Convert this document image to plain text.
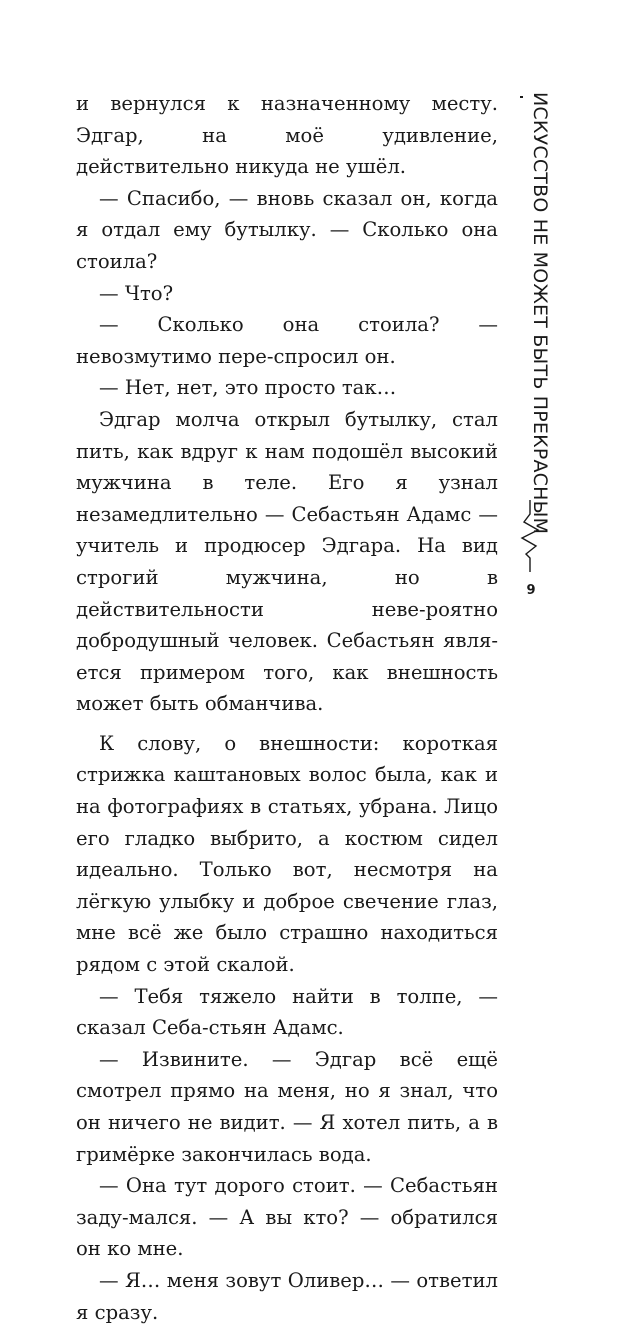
и вернулся к назначенному месту. Эдгар, на моё удивление, действительно никуда не ушёл.

— Спасибо, — вновь сказал он, когда я отдал ему бутылку. — Сколько она стоила?

— Что?

— Сколько она стоила? — невозмутимо пере-спросил он.

— Нет, нет, это просто так…

Эдгар молча открыл бутылку, стал пить, как вдруг к нам подошёл высокий мужчина в теле. Его я узнал незамедлительно — Себастьян Адамс — учитель и продюсер Эдгара. На вид строгий мужчина, но в действительности неве-роятно добродушный человек. Себастьян явля-ется примером того, как внешность может быть обманчива.

К слову, о внешности: короткая стрижка каштановых волос была, как и на фотографиях в статьях, убрана. Лицо его гладко выбрито, а костюм сидел идеально. Только вот, несмотря на лёгкую улыбку и доброе свечение глаз, мне всё же было страшно находиться рядом с этой скалой.

— Тебя тяжело найти в толпе, — сказал Себа-стьян Адамс.

— Извините. — Эдгар всё ещё смотрел прямо на меня, но я знал, что он ничего не видит. — Я хотел пить, а в гримёрке закончилась вода.

— Она тут дорого стоит. — Себастьян заду-мался. — А вы кто? — обратился он ко мне.

— Я… меня зовут Оливер… — ответил я сразу.

ИСКУССТВО НЕ МОЖЕТ БЫТЬ ПРЕКРАСНЫМ
9
